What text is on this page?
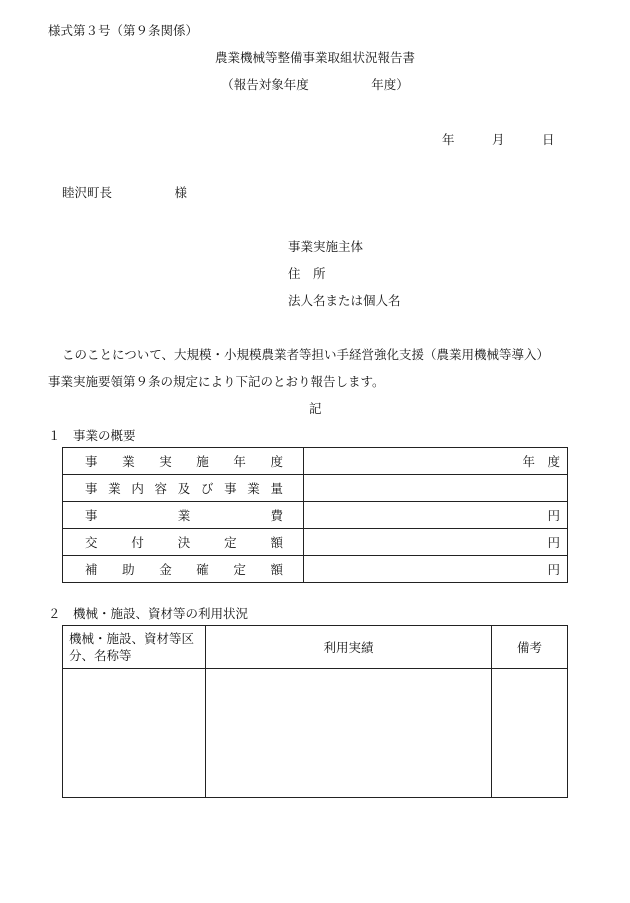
様式第３号（第９条関係）
農業機械等整備事業取組状況報告書
（報告対象年度　　　　　年度）
年　　　月　　　日
睦沢町長　　　　　様
事業実施主体
住　所
法人名または個人名
このことについて、大規模・小規模農業者等担い手経営強化支援（農業用機械等導入）
事業実施要領第９条の規定により下記のとおり報告します。
記
１　事業の概要
事業実施年度	年　度
事業内容及び事業量	
事業費	円
交付決定額	円
補助金確定額	円
２　機械・施設、資材等の利用状況
機械・施設、資材等区分、名称等	利用実績	備考
